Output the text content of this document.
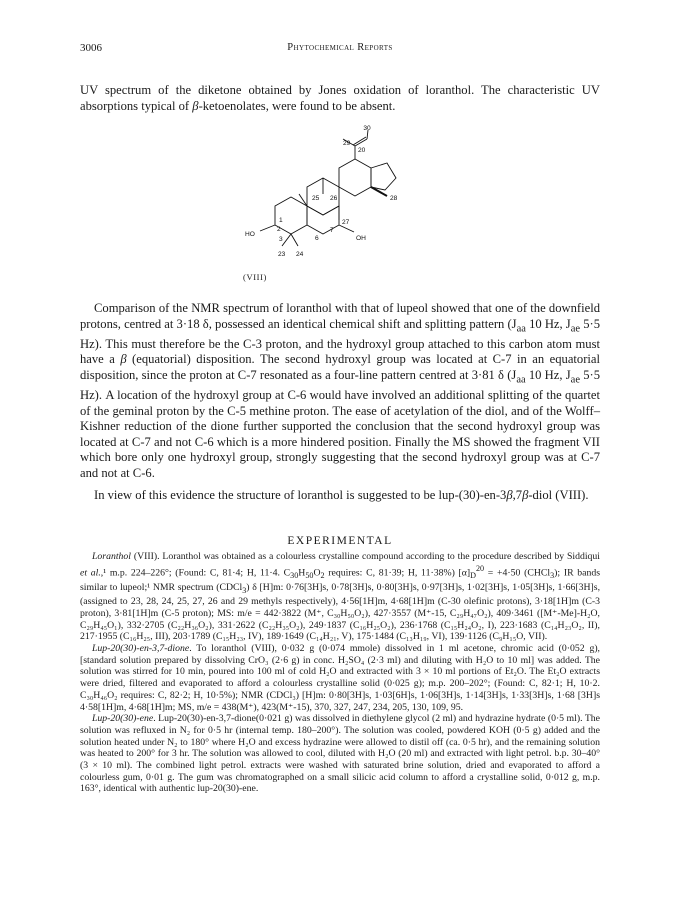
3006	Phytochemical Reports
UV spectrum of the diketone obtained by Jones oxidation of loranthol. The characteristic UV absorptions typical of β-ketoenolates, were found to be absent.
30
29
20
25 26	28
27
1
2
3
7
6
HO
OH
23 24
(VIII)
Comparison of the NMR spectrum of loranthol with that of lupeol showed that one of the downfield protons, centred at 3·18 δ, possessed an identical chemical shift and splitting pattern ($J_{aa}$ 10 Hz, $J_{ae}$ 5·5 Hz). This must therefore be the C-3 proton, and the hydroxyl group attached to this carbon atom must have a β (equatorial) disposition. The second hydroxyl group was located at C-7 in an equatorial disposition, since the proton at C-7 resonated as a four-line pattern centred at 3·81 δ ($J_{aa}$ 10 Hz, $J_{ae}$ 5·5 Hz). A location of the hydroxyl group at C-6 would have involved an additional splitting of the quartet of the geminal proton by the C-5 methine proton. The ease of acetylation of the diol, and of the Wolff–Kishner reduction of the dione further supported the conclusion that the second hydroxyl group was located at C-7 and not C-6 which is a more hindered position. Finally the MS showed the fragment VII which bore only one hydroxyl group, strongly suggesting that the second hydroxyl group was at C-7 and not at C-6.
In view of this evidence the structure of loranthol is suggested to be lup-(30)-en-3β,7β-diol (VIII).
EXPERIMENTAL

Loranthol (VIII). Loranthol was obtained as a colourless crystalline compound according to the procedure described by Siddiqui et al.,¹ m.p. 224–226°; (Found: C, 81·4; H, 11·4. $C_{30}H_{50}O_2$ requires: C, 81·39; H, 11·38%) $[\alpha]_D^{20} = +4\cdot 50$ (CHCl$_3$); IR bands similar to lupeol;¹ NMR spectrum (CDCl$_3$) δ [H]m: 0·76[3H]s, 0·78[3H]s, 0·80[3H]s, 0·97[3H]s, 1·02[3H]s, 1·05[3H]s, 1·66[3H]s, (assigned to 23, 28, 24, 25, 27, 26 and 29 methyls respectively), 4·56[1H]m, 4·68[1H]m (C-30 olefinic protons), 3·18[1H]m (C-3 proton), 3·81[1H]m (C-5 proton); MS: m/e = 442·3822 (M⁺, C₃₀H₅₀O₂), 427·3557 (M⁺-15, C₂₉H₄₇O₂), 409·3461 ([M⁺-Me]-H₂O, C₂₉H₄₅O₁), 332·2705 (C₂₂H₃₆O₂), 331·2622 (C₂₂H₃₅O₂), 249·1837 (C₁₆H₂₅O₂), 236·1768 (C₁₅H₂₄O₂, I), 223·1683 (C₁₄H₂₃O₂, II), 217·1955 (C₁₆H₂₅, III), 203·1789 (C₁₅H₂₃, IV), 189·1649 (C₁₄H₂₁, V), 175·1484 (C₁₃H₁₉, VI), 139·1126 (C₉H₁₅O, VII).

Lup-20(30)-en-3,7-dione. To loranthol (VIII), 0·032 g (0·074 mmole) dissolved in 1 ml acetone, chromic acid (0·052 g), [standard solution prepared by dissolving CrO₃ (2·6 g) in conc. H₂SO₄ (2·3 ml) and diluting with H₂O to 10 ml] was added. The solution was stirred for 10 min, poured into 100 ml of cold H₂O and extracted with 3 × 10 ml portions of Et₂O. The Et₂O extracts were dried, filtered and evaporated to afford a colourless crystalline solid (0·025 g); m.p. 200–202°; (Found: C, 82·1; H, 10·2. C₃₀H₄₆O₂ requires: C, 82·2; H, 10·5%); NMR (CDCl₃) [H]m: 0·80[3H]s, 1·03[6H]s, 1·06[3H]s, 1·14[3H]s, 1·33[3H]s, 1·68 [3H]s 4·58[1H]m, 4·68[1H]m; MS, m/e = 438(M⁺), 423(M⁺-15), 370, 327, 247, 234, 205, 130, 109, 95.

Lup-20(30)-ene. Lup-20(30)-en-3,7-dione(0·021 g) was dissolved in diethylene glycol (2 ml) and hydrazine hydrate (0·5 ml). The solution was refluxed in N₂ for 0·5 hr (internal temp. 180–200°). The solution was cooled, powdered KOH (0·5 g) added and the solution heated under N₂ to 180° where H₂O and excess hydrazine were allowed to distil off (ca. 0·5 hr), and the remaining solution was heated to 200° for 3 hr. The solution was allowed to cool, diluted with H₂O (20 ml) and extracted with light petrol. b.p. 30–40° (3 × 10 ml). The combined light petrol. extracts were washed with saturated brine solution, dried and evaporated to afford a colourless gum, 0·01 g. The gum was chromatographed on a small silicic acid column to afford a crystalline solid, 0·012 g, m.p. 163°, identical with authentic lup-20(30)-ene.
